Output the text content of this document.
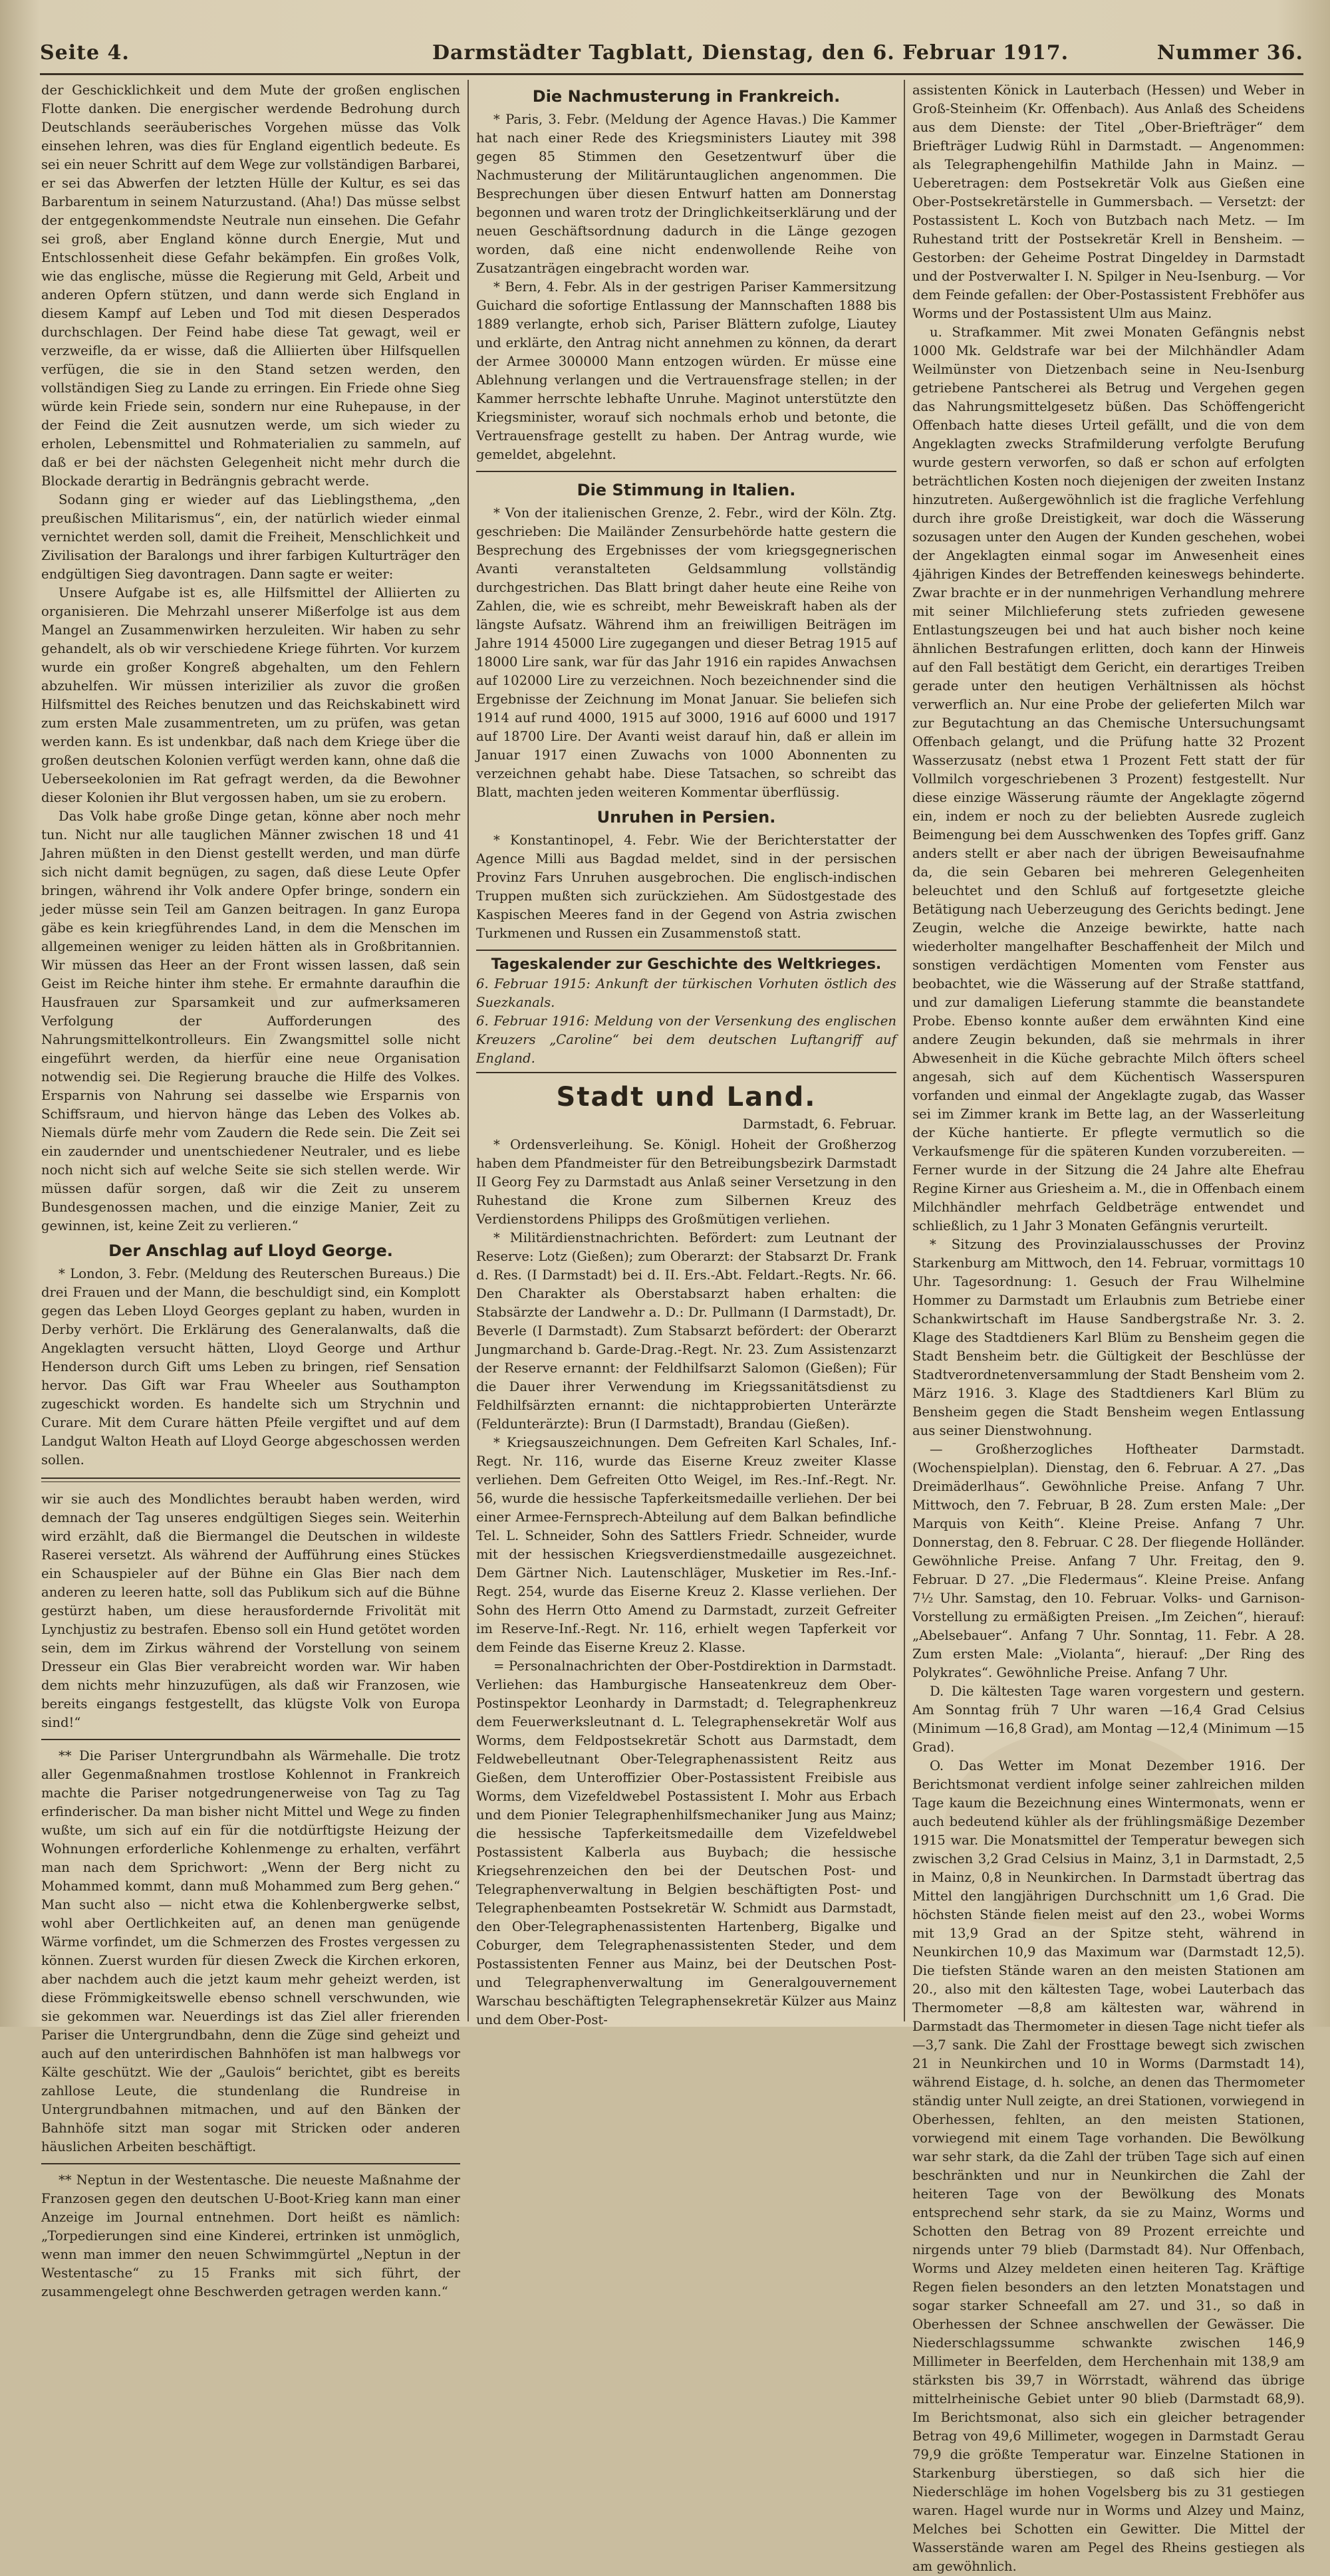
Seite 4.	Darmstädter Tagblatt, Dienstag, den 6. Februar 1917.	Nummer 36.

der Geschicklichkeit und dem Mute der großen englischen Flotte danken. Die energischer werdende Bedrohung durch Deutschlands seeräuberisches Vorgehen müsse das Volk einsehen lehren, was dies für England eigentlich bedeute. Es sei ein neuer Schritt auf dem Wege zur vollständigen Barbarei, er sei das Abwerfen der letzten Hülle der Kultur, es sei das Barbarentum in seinem Naturzustand. (Aha!) Das müsse selbst der entgegenkommendste Neutrale nun einsehen. Die Gefahr sei groß, aber England könne durch Energie, Mut und Entschlossenheit diese Gefahr bekämpfen. Ein großes Volk, wie das englische, müsse die Regierung mit Geld, Arbeit und anderen Opfern stützen, und dann werde sich England in diesem Kampf auf Leben und Tod mit diesen Desperados durchschlagen. Der Feind habe diese Tat gewagt, weil er verzweifle, da er wisse, daß die Alliierten über Hilfsquellen verfügen, die sie in den Stand setzen werden, den vollständigen Sieg zu Lande zu erringen. Ein Friede ohne Sieg würde kein Friede sein, sondern nur eine Ruhepause, in der der Feind die Zeit ausnutzen werde, um sich wieder zu erholen, Lebensmittel und Rohmaterialien zu sammeln, auf daß er bei der nächsten Gelegenheit nicht mehr durch die Blockade derartig in Bedrängnis gebracht werde.

Sodann ging er wieder auf das Lieblingsthema, „den preußischen Militarismus“, ein, der natürlich wieder einmal vernichtet werden soll, damit die Freiheit, Menschlichkeit und Zivilisation der Baralongs und ihrer farbigen Kulturträger den endgültigen Sieg davontragen. Dann sagte er weiter:

Unsere Aufgabe ist es, alle Hilfsmittel der Alliierten zu organisieren. Die Mehrzahl unserer Mißerfolge ist aus dem Mangel an Zusammenwirken herzuleiten. Wir haben zu sehr gehandelt, als ob wir verschiedene Kriege führten. Vor kurzem wurde ein großer Kongreß abgehalten, um den Fehlern abzuhelfen. Wir müssen interizilier als zuvor die großen Hilfsmittel des Reiches benutzen und das Reichskabinett wird zum ersten Male zusammentreten, um zu prüfen, was getan werden kann. Es ist undenkbar, daß nach dem Kriege über die großen deutschen Kolonien verfügt werden kann, ohne daß die Ueberseekolonien im Rat gefragt werden, da die Bewohner dieser Kolonien ihr Blut vergossen haben, um sie zu erobern.

Das Volk habe große Dinge getan, könne aber noch mehr tun. Nicht nur alle tauglichen Männer zwischen 18 und 41 Jahren müßten in den Dienst gestellt werden, und man dürfe sich nicht damit begnügen, zu sagen, daß diese Leute Opfer bringen, während ihr Volk andere Opfer bringe, sondern ein jeder müsse sein Teil am Ganzen beitragen. In ganz Europa gäbe es kein kriegführendes Land, in dem die Menschen im allgemeinen weniger zu leiden hätten als in Großbritannien. Wir müssen das Heer an der Front wissen lassen, daß sein Geist im Reiche hinter ihm stehe. Er ermahnte daraufhin die Hausfrauen zur Sparsamkeit und zur aufmerksameren Verfolgung der Aufforderungen des Nahrungsmittelkontrolleurs. Ein Zwangsmittel solle nicht eingeführt werden, da hierfür eine neue Organisation notwendig sei. Die Regierung brauche die Hilfe des Volkes. Ersparnis von Nahrung sei dasselbe wie Ersparnis von Schiffsraum, und hiervon hänge das Leben des Volkes ab. Niemals dürfe mehr vom Zaudern die Rede sein. Die Zeit sei ein zaudernder und unentschiedener Neutraler, und es liebe noch nicht sich auf welche Seite sie sich stellen werde. Wir müssen dafür sorgen, daß wir die Zeit zu unserem Bundesgenossen machen, und die einzige Manier, Zeit zu gewinnen, ist, keine Zeit zu verlieren.“

Der Anschlag auf Lloyd George.

* London, 3. Febr. (Meldung des Reuterschen Bureaus.) Die drei Frauen und der Mann, die beschuldigt sind, ein Komplott gegen das Leben Lloyd Georges geplant zu haben, wurden in Derby verhört. Die Erklärung des Generalanwalts, daß die Angeklagten versucht hätten, Lloyd George und Arthur Henderson durch Gift ums Leben zu bringen, rief Sensation hervor. Das Gift war Frau Wheeler aus Southampton zugeschickt worden. Es handelte sich um Strychnin und Curare. Mit dem Curare hätten Pfeile vergiftet und auf dem Landgut Walton Heath auf Lloyd George abgeschossen werden sollen.

wir sie auch des Mondlichtes beraubt haben werden, wird demnach der Tag unseres endgültigen Sieges sein. Weiterhin wird erzählt, daß die Biermangel die Deutschen in wildeste Raserei versetzt. Als während der Aufführung eines Stückes ein Schauspieler auf der Bühne ein Glas Bier nach dem anderen zu leeren hatte, soll das Publikum sich auf die Bühne gestürzt haben, um diese herausfordernde Frivolität mit Lynchjustiz zu bestrafen. Ebenso soll ein Hund getötet worden sein, dem im Zirkus während der Vorstellung von seinem Dresseur ein Glas Bier verabreicht worden war. Wir haben dem nichts mehr hinzuzufügen, als daß wir Franzosen, wie bereits eingangs festgestellt, das klügste Volk von Europa sind!“

** Die Pariser Untergrundbahn als Wärmehalle. Die trotz aller Gegenmaßnahmen trostlose Kohlennot in Frankreich machte die Pariser notgedrungenerweise von Tag zu Tag erfinderischer. Da man bisher nicht Mittel und Wege zu finden wußte, um sich auf ein für die notdürftigste Heizung der Wohnungen erforderliche Kohlenmenge zu erhalten, verfährt man nach dem Sprichwort: „Wenn der Berg nicht zu Mohammed kommt, dann muß Mohammed zum Berg gehen.“ Man sucht also — nicht etwa die Kohlenbergwerke selbst, wohl aber Oertlichkeiten auf, an denen man genügende Wärme vorfindet, um die Schmerzen des Frostes vergessen zu können. Zuerst wurden für diesen Zweck die Kirchen erkoren, aber nachdem auch die jetzt kaum mehr geheizt werden, ist diese Frömmigkeitswelle ebenso schnell verschwunden, wie sie gekommen war. Neuerdings ist das Ziel aller frierenden Pariser die Untergrundbahn, denn die Züge sind geheizt und auch auf den unterirdischen Bahnhöfen ist man halbwegs vor Kälte geschützt. Wie der „Gaulois“ berichtet, gibt es bereits zahllose Leute, die stundenlang die Rundreise in Untergrundbahnen mitmachen, und auf den Bänken der Bahnhöfe sitzt man sogar mit Stricken oder anderen häuslichen Arbeiten beschäftigt.

** Neptun in der Westentasche. Die neueste Maßnahme der Franzosen gegen den deutschen U-Boot-Krieg kann man einer Anzeige im Journal entnehmen. Dort heißt es nämlich: „Torpedierungen sind eine Kinderei, ertrinken ist unmöglich, wenn man immer den neuen Schwimmgürtel „Neptun in der Westentasche“ zu 15 Franks mit sich führt, der zusammengelegt ohne Beschwerden getragen werden kann.“

Die Nachmusterung in Frankreich.

* Paris, 3. Febr. (Meldung der Agence Havas.) Die Kammer hat nach einer Rede des Kriegsministers Liautey mit 398 gegen 85 Stimmen den Gesetzentwurf über die Nachmusterung der Militäruntauglichen angenommen. Die Besprechungen über diesen Entwurf hatten am Donnerstag begonnen und waren trotz der Dringlichkeitserklärung und der neuen Geschäftsordnung dadurch in die Länge gezogen worden, daß eine nicht endenwollende Reihe von Zusatzanträgen eingebracht worden war.

* Bern, 4. Febr. Als in der gestrigen Pariser Kammersitzung Guichard die sofortige Entlassung der Mannschaften 1888 bis 1889 verlangte, erhob sich, Pariser Blättern zufolge, Liautey und erklärte, den Antrag nicht annehmen zu können, da derart der Armee 300000 Mann entzogen würden. Er müsse eine Ablehnung verlangen und die Vertrauensfrage stellen; in der Kammer herrschte lebhafte Unruhe. Maginot unterstützte den Kriegsminister, worauf sich nochmals erhob und betonte, die Vertrauensfrage gestellt zu haben. Der Antrag wurde, wie gemeldet, abgelehnt.

Die Stimmung in Italien.

* Von der italienischen Grenze, 2. Febr., wird der Köln. Ztg. geschrieben: Die Mailänder Zensurbehörde hatte gestern die Besprechung des Ergebnisses der vom kriegsgegnerischen Avanti veranstalteten Geldsammlung vollständig durchgestrichen. Das Blatt bringt daher heute eine Reihe von Zahlen, die, wie es schreibt, mehr Beweiskraft haben als der längste Aufsatz. Während ihm an freiwilligen Beiträgen im Jahre 1914 45000 Lire zugegangen und dieser Betrag 1915 auf 18000 Lire sank, war für das Jahr 1916 ein rapides Anwachsen auf 102000 Lire zu verzeichnen. Noch bezeichnender sind die Ergebnisse der Zeichnung im Monat Januar. Sie beliefen sich 1914 auf rund 4000, 1915 auf 3000, 1916 auf 6000 und 1917 auf 18700 Lire. Der Avanti weist darauf hin, daß er allein im Januar 1917 einen Zuwachs von 1000 Abonnenten zu verzeichnen gehabt habe. Diese Tatsachen, so schreibt das Blatt, machten jeden weiteren Kommentar überflüssig.

Unruhen in Persien.

* Konstantinopel, 4. Febr. Wie der Berichterstatter der Agence Milli aus Bagdad meldet, sind in der persischen Provinz Fars Unruhen ausgebrochen. Die englisch-indischen Truppen mußten sich zurückziehen. Am Südostgestade des Kaspischen Meeres fand in der Gegend von Astria zwischen Turkmenen und Russen ein Zusammenstoß statt.

Tageskalender zur Geschichte des Weltkrieges.

6. Februar 1915: Ankunft der türkischen Vorhuten östlich des Suezkanals.

6. Februar 1916: Meldung von der Versenkung des englischen Kreuzers „Caroline“ bei dem deutschen Luftangriff auf England.

Stadt und Land.
Darmstadt, 6. Februar.

* Ordensverleihung. Se. Königl. Hoheit der Großherzog haben dem Pfandmeister für den Betreibungsbezirk Darmstadt II Georg Fey zu Darmstadt aus Anlaß seiner Versetzung in den Ruhestand die Krone zum Silbernen Kreuz des Verdienstordens Philipps des Großmütigen verliehen.

* Militärdienstnachrichten. Befördert: zum Leutnant der Reserve: Lotz (Gießen); zum Oberarzt: der Stabsarzt Dr. Frank d. Res. (I Darmstadt) bei d. II. Ers.-Abt. Feldart.-Regts. Nr. 66. Den Charakter als Oberstabsarzt haben erhalten: die Stabsärzte der Landwehr a. D.: Dr. Pullmann (I Darmstadt), Dr. Beverle (I Darmstadt). Zum Stabsarzt befördert: der Oberarzt Jungmarchand b. Garde-Drag.-Regt. Nr. 23. Zum Assistenzarzt der Reserve ernannt: der Feldhilfsarzt Salomon (Gießen); Für die Dauer ihrer Verwendung im Kriegssanitätsdienst zu Feldhilfsärzten ernannt: die nichtapprobierten Unterärzte (Feldunterärzte): Brun (I Darmstadt), Brandau (Gießen).

* Kriegsauszeichnungen. Dem Gefreiten Karl Schales, Inf.-Regt. Nr. 116, wurde das Eiserne Kreuz zweiter Klasse verliehen. Dem Gefreiten Otto Weigel, im Res.-Inf.-Regt. Nr. 56, wurde die hessische Tapferkeitsmedaille verliehen. Der bei einer Armee-Fernsprech-Abteilung auf dem Balkan befindliche Tel. L. Schneider, Sohn des Sattlers Friedr. Schneider, wurde mit der hessischen Kriegsverdienstmedaille ausgezeichnet. Dem Gärtner Nich. Lautenschläger, Musketier im Res.-Inf.-Regt. 254, wurde das Eiserne Kreuz 2. Klasse verliehen. Der Sohn des Herrn Otto Amend zu Darmstadt, zurzeit Gefreiter im Reserve-Inf.-Regt. Nr. 116, erhielt wegen Tapferkeit vor dem Feinde das Eiserne Kreuz 2. Klasse.

= Personalnachrichten der Ober-Postdirektion in Darmstadt. Verliehen: das Hamburgische Hanseatenkreuz dem Ober-Postinspektor Leonhardy in Darmstadt; d. Telegraphenkreuz dem Feuerwerksleutnant d. L. Telegraphensekretär Wolf aus Worms, dem Feldpostsekretär Schott aus Darmstadt, dem Feldwebelleutnant Ober-Telegraphenassistent Reitz aus Gießen, dem Unteroffizier Ober-Postassistent Freibisle aus Worms, dem Vizefeldwebel Postassistent I. Mohr aus Erbach und dem Pionier Telegraphenhilfsmechaniker Jung aus Mainz; die hessische Tapferkeitsmedaille dem Vizefeldwebel Postassistent Kalberla aus Buybach; die hessische Kriegsehrenzeichen den bei der Deutschen Post- und Telegraphenverwaltung in Belgien beschäftigten Post- und Telegraphenbeamten Postsekretär W. Schmidt aus Darmstadt, den Ober-Telegraphenassistenten Hartenberg, Bigalke und Coburger, dem Telegraphenassistenten Steder, und dem Postassistenten Fenner aus Mainz, bei der Deutschen Post- und Telegraphenverwaltung im Generalgouvernement Warschau beschäftigten Telegraphensekretär Külzer aus Mainz und dem Ober-Post-

assistenten Könick in Lauterbach (Hessen) und Weber in Groß-Steinheim (Kr. Offenbach). Aus Anlaß des Scheidens aus dem Dienste: der Titel „Ober-Briefträger“ dem Briefträger Ludwig Rühl in Darmstadt. — Angenommen: als Telegraphengehilfin Mathilde Jahn in Mainz. — Ueberetragen: dem Postsekretär Volk aus Gießen eine Ober-Postsekretärstelle in Gummersbach. — Versetzt: der Postassistent L. Koch von Butzbach nach Metz. — Im Ruhestand tritt der Postsekretär Krell in Bensheim. — Gestorben: der Geheime Postrat Dingeldey in Darmstadt und der Postverwalter I. N. Spilger in Neu-Isenburg. — Vor dem Feinde gefallen: der Ober-Postassistent Frebhöfer aus Worms und der Postassistent Ulm aus Mainz.

u. Strafkammer. Mit zwei Monaten Gefängnis nebst 1000 Mk. Geldstrafe war bei der Milchhändler Adam Weilmünster von Dietzenbach seine in Neu-Isenburg getriebene Pantscherei als Betrug und Vergehen gegen das Nahrungsmittelgesetz büßen. Das Schöffengericht Offenbach hatte dieses Urteil gefällt, und die von dem Angeklagten zwecks Strafmilderung verfolgte Berufung wurde gestern verworfen, so daß er schon auf erfolgten beträchtlichen Kosten noch diejenigen der zweiten Instanz hinzutreten. Außergewöhnlich ist die fragliche Verfehlung durch ihre große Dreistigkeit, war doch die Wässerung sozusagen unter den Augen der Kunden geschehen, wobei der Angeklagten einmal sogar im Anwesenheit eines 4jährigen Kindes der Betreffenden keineswegs behinderte. Zwar brachte er in der nunmehrigen Verhandlung mehrere mit seiner Milchlieferung stets zufrieden gewesene Entlastungszeugen bei und hat auch bisher noch keine ähnlichen Bestrafungen erlitten, doch kann der Hinweis auf den Fall bestätigt dem Gericht, ein derartiges Treiben gerade unter den heutigen Verhältnissen als höchst verwerflich an. Nur eine Probe der gelieferten Milch war zur Begutachtung an das Chemische Untersuchungsamt Offenbach gelangt, und die Prüfung hatte 32 Prozent Wasserzusatz (nebst etwa 1 Prozent Fett statt der für Vollmilch vorgeschriebenen 3 Prozent) festgestellt. Nur diese einzige Wässerung räumte der Angeklagte zögernd ein, indem er noch zu der beliebten Ausrede zugleich Beimengung bei dem Ausschwenken des Topfes griff. Ganz anders stellt er aber nach der übrigen Beweisaufnahme da, die sein Gebaren bei mehreren Gelegenheiten beleuchtet und den Schluß auf fortgesetzte gleiche Betätigung nach Ueberzeugung des Gerichts bedingt. Jene Zeugin, welche die Anzeige bewirkte, hatte nach wiederholter mangelhafter Beschaffenheit der Milch und sonstigen verdächtigen Momenten vom Fenster aus beobachtet, wie die Wässerung auf der Straße stattfand, und zur damaligen Lieferung stammte die beanstandete Probe. Ebenso konnte außer dem erwähnten Kind eine andere Zeugin bekunden, daß sie mehrmals in ihrer Abwesenheit in die Küche gebrachte Milch öfters scheel angesah, sich auf dem Küchentisch Wasserspuren vorfanden und einmal der Angeklagte zugab, das Wasser sei im Zimmer krank im Bette lag, an der Wasserleitung der Küche hantierte. Er pflegte vermutlich so die Verkaufsmenge für die späteren Kunden vorzubereiten. — Ferner wurde in der Sitzung die 24 Jahre alte Ehefrau Regine Kirner aus Griesheim a. M., die in Offenbach einem Milchhändler mehrfach Geldbeträge entwendet und schließlich, zu 1 Jahr 3 Monaten Gefängnis verurteilt.

* Sitzung des Provinzialausschusses der Provinz Starkenburg am Mittwoch, den 14. Februar, vormittags 10 Uhr. Tagesordnung: 1. Gesuch der Frau Wilhelmine Hommer zu Darmstadt um Erlaubnis zum Betriebe einer Schankwirtschaft im Hause Sandbergstraße Nr. 3. 2. Klage des Stadtdieners Karl Blüm zu Bensheim gegen die Stadt Bensheim betr. die Gültigkeit der Beschlüsse der Stadtverordnetenversammlung der Stadt Bensheim vom 2. März 1916. 3. Klage des Stadtdieners Karl Blüm zu Bensheim gegen die Stadt Bensheim wegen Entlassung aus seiner Dienstwohnung.

— Großherzogliches Hoftheater Darmstadt. (Wochenspielplan). Dienstag, den 6. Februar. A 27. „Das Dreimäderlhaus“. Gewöhnliche Preise. Anfang 7 Uhr. Mittwoch, den 7. Februar, B 28. Zum ersten Male: „Der Marquis von Keith“. Kleine Preise. Anfang 7 Uhr. Donnerstag, den 8. Februar. C 28. Der fliegende Holländer. Gewöhnliche Preise. Anfang 7 Uhr. Freitag, den 9. Februar. D 27. „Die Fledermaus“. Kleine Preise. Anfang 7½ Uhr. Samstag, den 10. Februar. Volks- und Garnison-Vorstellung zu ermäßigten Preisen. „Im Zeichen“, hierauf: „Abelsebauer“. Anfang 7 Uhr. Sonntag, 11. Febr. A 28. Zum ersten Male: „Violanta“, hierauf: „Der Ring des Polykrates“. Gewöhnliche Preise. Anfang 7 Uhr.

D. Die kältesten Tage waren vorgestern und gestern. Am Sonntag früh 7 Uhr waren —16,4 Grad Celsius (Minimum —16,8 Grad), am Montag —12,4 (Minimum —15 Grad).

O. Das Wetter im Monat Dezember 1916. Der Berichtsmonat verdient infolge seiner zahlreichen milden Tage kaum die Bezeichnung eines Wintermonats, wenn er auch bedeutend kühler als der frühlingsmäßige Dezember 1915 war. Die Monatsmittel der Temperatur bewegen sich zwischen 3,2 Grad Celsius in Mainz, 3,1 in Darmstadt, 2,5 in Mainz, 0,8 in Neunkirchen. In Darmstadt übertrag das Mittel den langjährigen Durchschnitt um 1,6 Grad. Die höchsten Stände fielen meist auf den 23., wobei Worms mit 13,9 Grad an der Spitze steht, während in Neunkirchen 10,9 das Maximum war (Darmstadt 12,5). Die tiefsten Stände waren an den meisten Stationen am 20., also mit den kältesten Tage, wobei Lauterbach das Thermometer —8,8 am kältesten war, während in Darmstadt das Thermometer in diesen Tage nicht tiefer als —3,7 sank. Die Zahl der Frosttage bewegt sich zwischen 21 in Neunkirchen und 10 in Worms (Darmstadt 14), während Eistage, d. h. solche, an denen das Thermometer ständig unter Null zeigte, an drei Stationen, vorwiegend in Oberhessen, fehlten, an den meisten Stationen, vorwiegend mit einem Tage vorhanden. Die Bewölkung war sehr stark, da die Zahl der trüben Tage sich auf einen beschränkten und nur in Neunkirchen die Zahl der heiteren Tage von der Bewölkung des Monats entsprechend sehr stark, da sie zu Mainz, Worms und Schotten den Betrag von 89 Prozent erreichte und nirgends unter 79 blieb (Darmstadt 84). Nur Offenbach, Worms und Alzey meldeten einen heiteren Tag. Kräftige Regen fielen besonders an den letzten Monatstagen und sogar starker Schneefall am 27. und 31., so daß in Oberhessen der Schnee anschwellen der Gewässer. Die Niederschlagssumme schwankte zwischen 146,9 Millimeter in Beerfelden, dem Herchenhain mit 138,9 am stärksten bis 39,7 in Wörrstadt, während das übrige mittelrheinische Gebiet unter 90 blieb (Darmstadt 68,9). Im Berichtsmonat, also sich ein gleicher betragender Betrag von 49,6 Millimeter, wogegen in Darmstadt Gerau 79,9 die größte Temperatur war. Einzelne Stationen in Starkenburg überstiegen, so daß sich hier die Niederschläge im hohen Vogelsberg bis zu 31 gestiegen waren. Hagel wurde nur in Worms und Alzey und Mainz, Melches bei Schotten ein Gewitter. Die Mittel der Wasserstände waren am Pegel des Rheins gestiegen als am gewöhnlich.
